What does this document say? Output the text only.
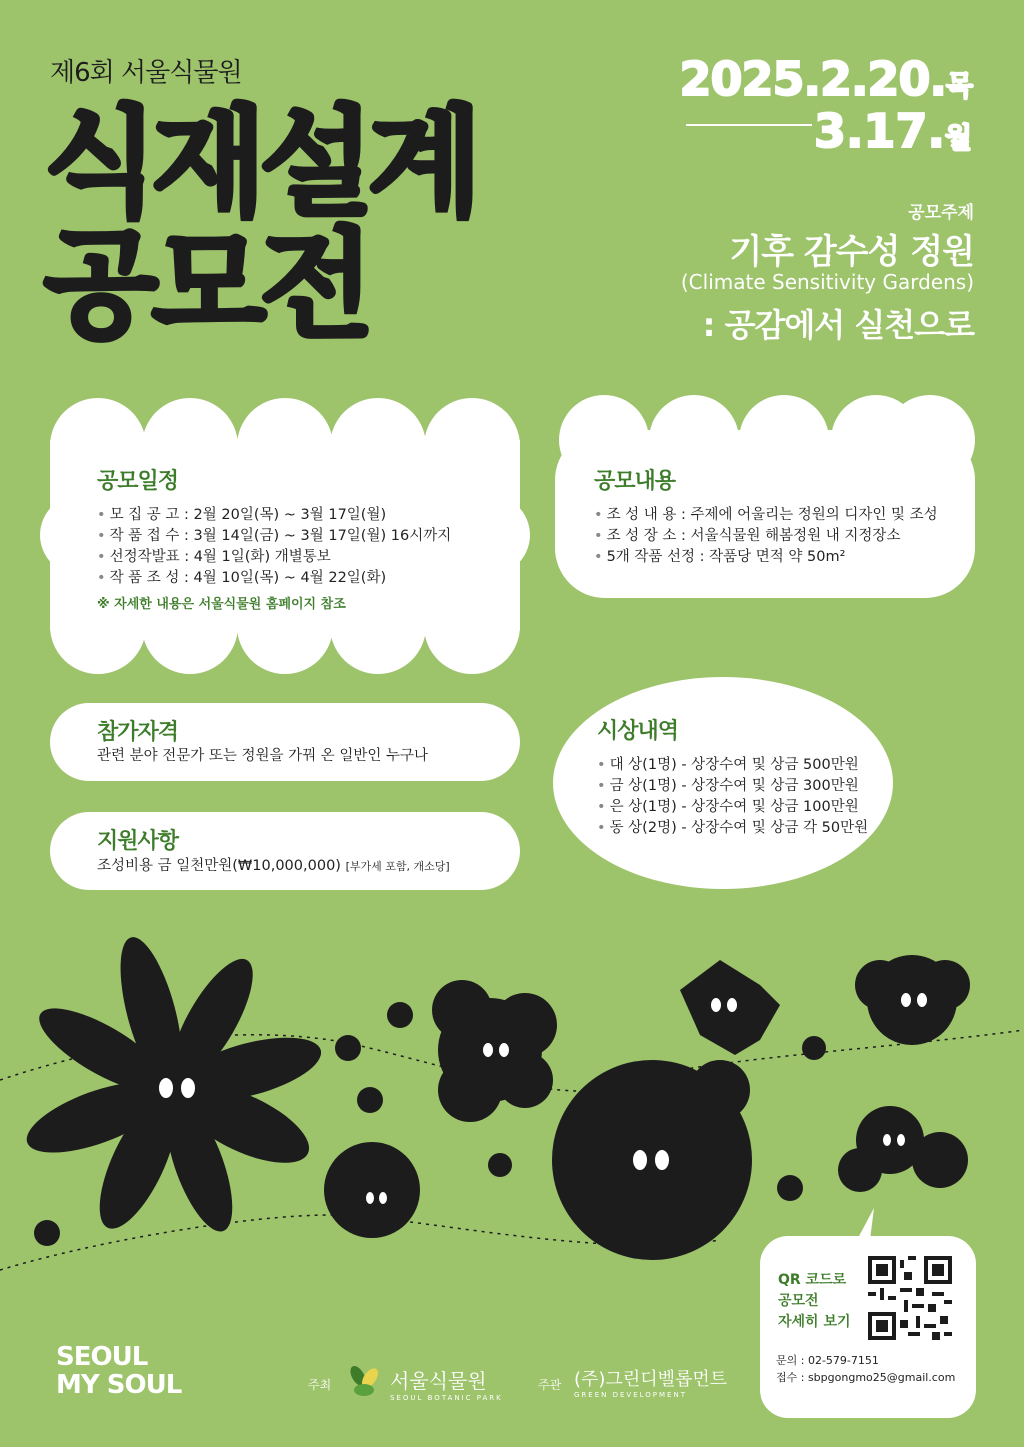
제6회 서울식물원
식재설계
공모전
2025.2.20.목
3.17.월
공모주제
기후 감수성 정원
(Climate Sensitivity Gardens)
: 공감에서 실천으로
공모일정
• 모 집 공 고 : 2월 20일(목) ~ 3월 17일(월)
• 작 품 접 수 : 3월 14일(금) ~ 3월 17일(월) 16시까지
• 선정작발표 : 4월 1일(화) 개별통보
• 작 품 조 성 : 4월 10일(목) ~ 4월 22일(화)
※ 자세한 내용은 서울식물원 홈페이지 참조
공모내용
• 조 성 내 용 : 주제에 어울리는 정원의 디자인 및 조성
• 조 성 장 소 : 서울식물원 해봄정원 내 지정장소
• 5개 작품 선정 : 작품당 면적 약 50m²
참가자격
관련 분야 전문가 또는 정원을 가꿔 온 일반인 누구나
지원사항
조성비용 금 일천만원(₩10,000,000) [부가세 포함, 개소당]
시상내역
• 대 상(1명) - 상장수여 및 상금 500만원
• 금 상(1명) - 상장수여 및 상금 300만원
• 은 상(1명) - 상장수여 및 상금 100만원
• 동 상(2명) - 상장수여 및 상금 각 50만원
QR 코드로
공모전
자세히 보기
문의 : 02-579-7151
접수 : sbpgongmo25@gmail.com
SEOUL
MY SOUL	주최	서울식물원
SEOUL BOTANIC PARK
주관 (주)그린디벨롭먼트
GREEN DEVELOPMENT
